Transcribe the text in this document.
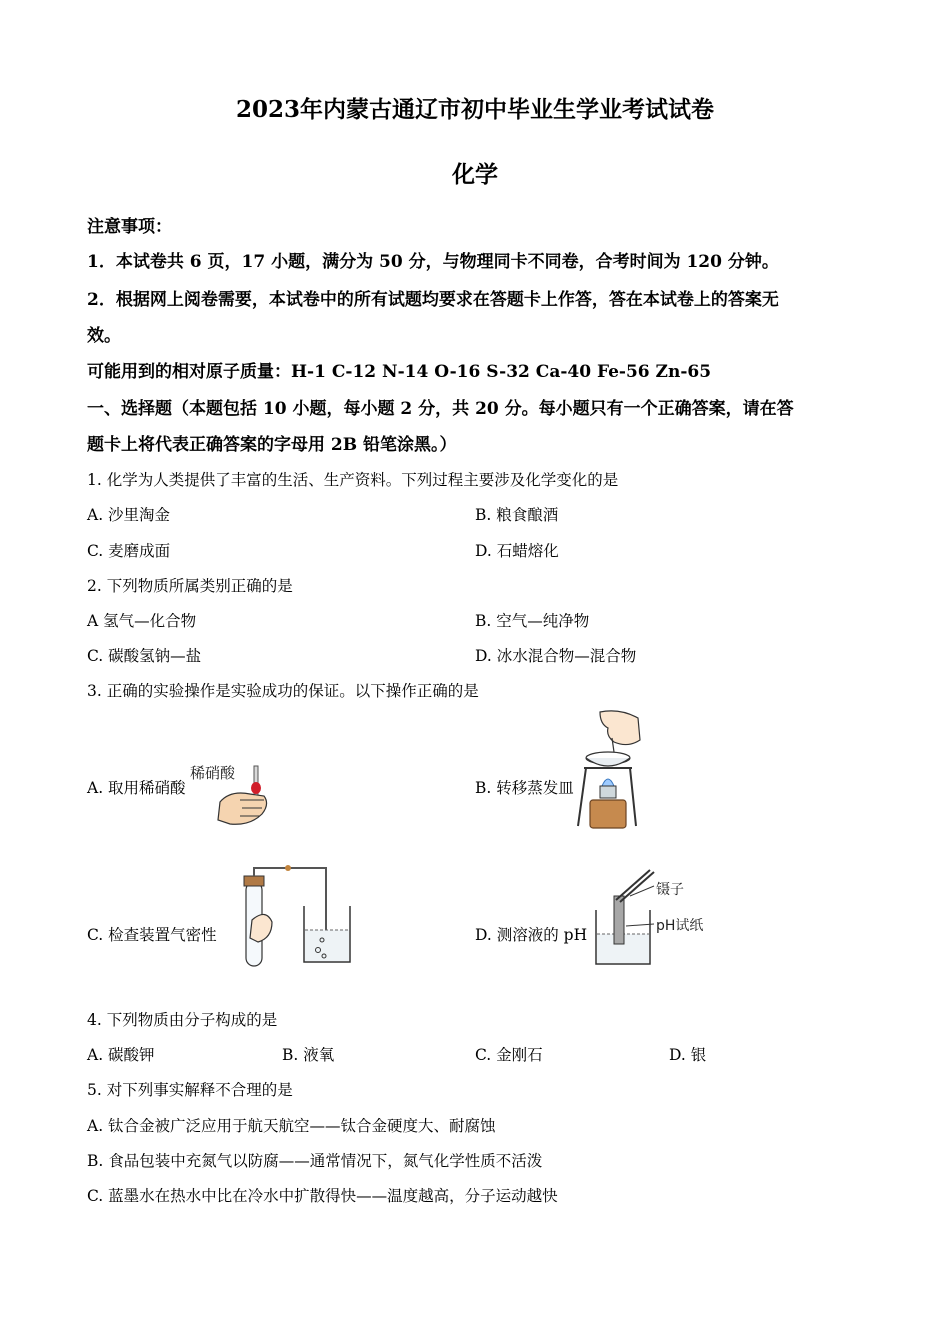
2023年内蒙古通辽市初中毕业生学业考试试卷
化学
注意事项：
1．本试卷共 6 页，17 小题，满分为 50 分，与物理同卡不同卷，合考时间为 120 分钟。
2．根据网上阅卷需要，本试卷中的所有试题均要求在答题卡上作答，答在本试卷上的答案无
效。
可能用到的相对原子质量：H-1 C-12 N-14 O-16 S-32 Ca-40 Fe-56 Zn-65
一、选择题（本题包括 10 小题，每小题 2 分，共 20 分。每小题只有一个正确答案，请在答
题卡上将代表正确答案的字母用 2B 铅笔涂黑。）
1. 化学为人类提供了丰富的生活、生产资料。下列过程主要涉及化学变化的是
A. 沙里淘金	B. 粮食酿酒
C. 麦磨成面	D. 石蜡熔化
2. 下列物质所属类别正确的是
A 氢气—化合物	B. 空气—纯净物
C. 碳酸氢钠—盐	D. 冰水混合物—混合物
3. 正确的实验操作是实验成功的保证。以下操作正确的是
A. 取用稀硝酸
稀硝酸
B. 转移蒸发皿
C. 检查装置气密性	D. 测溶液的 pH
镊子
pH试纸
4. 下列物质由分子构成的是
A. 碳酸钾	B. 液氧	C. 金刚石	D. 银
5. 对下列事实解释不合理的是
A. 钛合金被广泛应用于航天航空——钛合金硬度大、耐腐蚀
B. 食品包装中充氮气以防腐——通常情况下，氮气化学性质不活泼
C. 蓝墨水在热水中比在冷水中扩散得快——温度越高，分子运动越快
